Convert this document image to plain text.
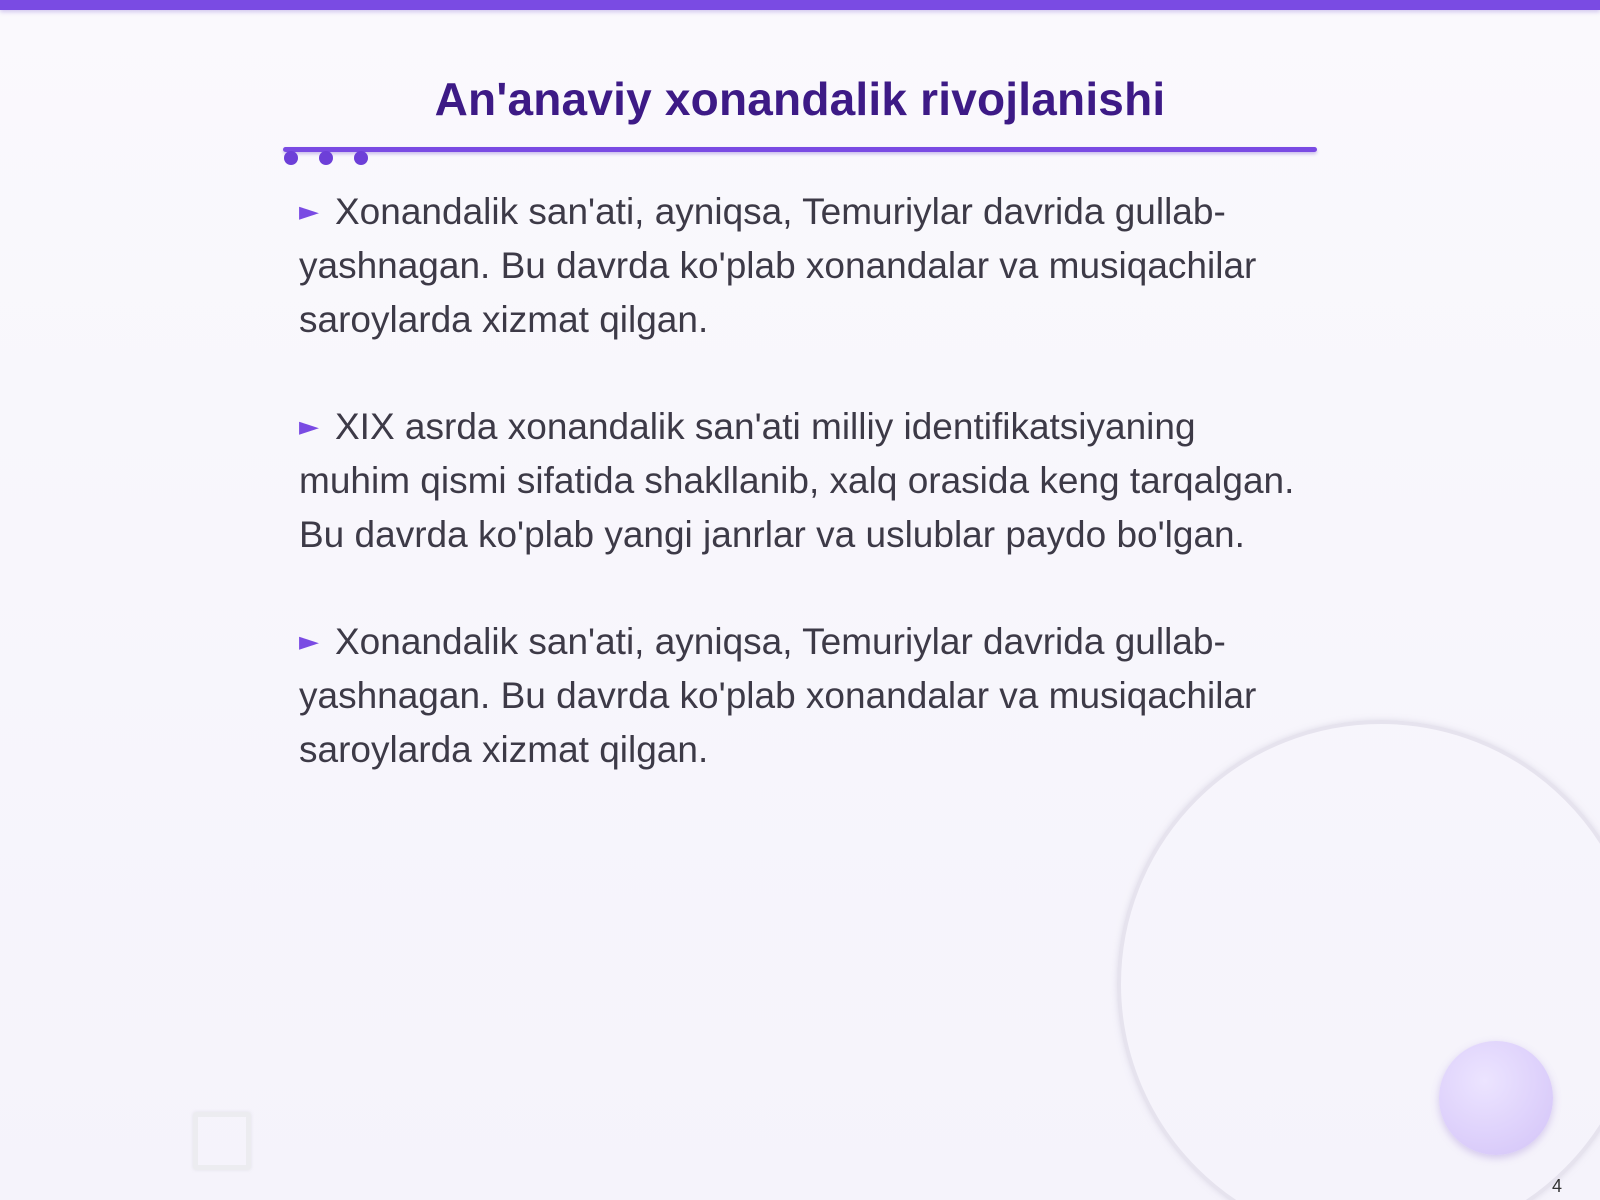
An'anaviy xonandalik rivojlanishi

► Xonandalik san'ati, ayniqsa, Temuriylar davrida gullab-yashnagan. Bu davrda ko'plab xonandalar va musiqachilar saroylarda xizmat qilgan.

► XIX asrda xonandalik san'ati milliy identifikatsiyaning muhim qismi sifatida shakllanib, xalq orasida keng tarqalgan. Bu davrda ko'plab yangi janrlar va uslublar paydo bo'lgan.

► Xonandalik san'ati, ayniqsa, Temuriylar davrida gullab-yashnagan. Bu davrda ko'plab xonandalar va musiqachilar saroylarda xizmat qilgan.

4
